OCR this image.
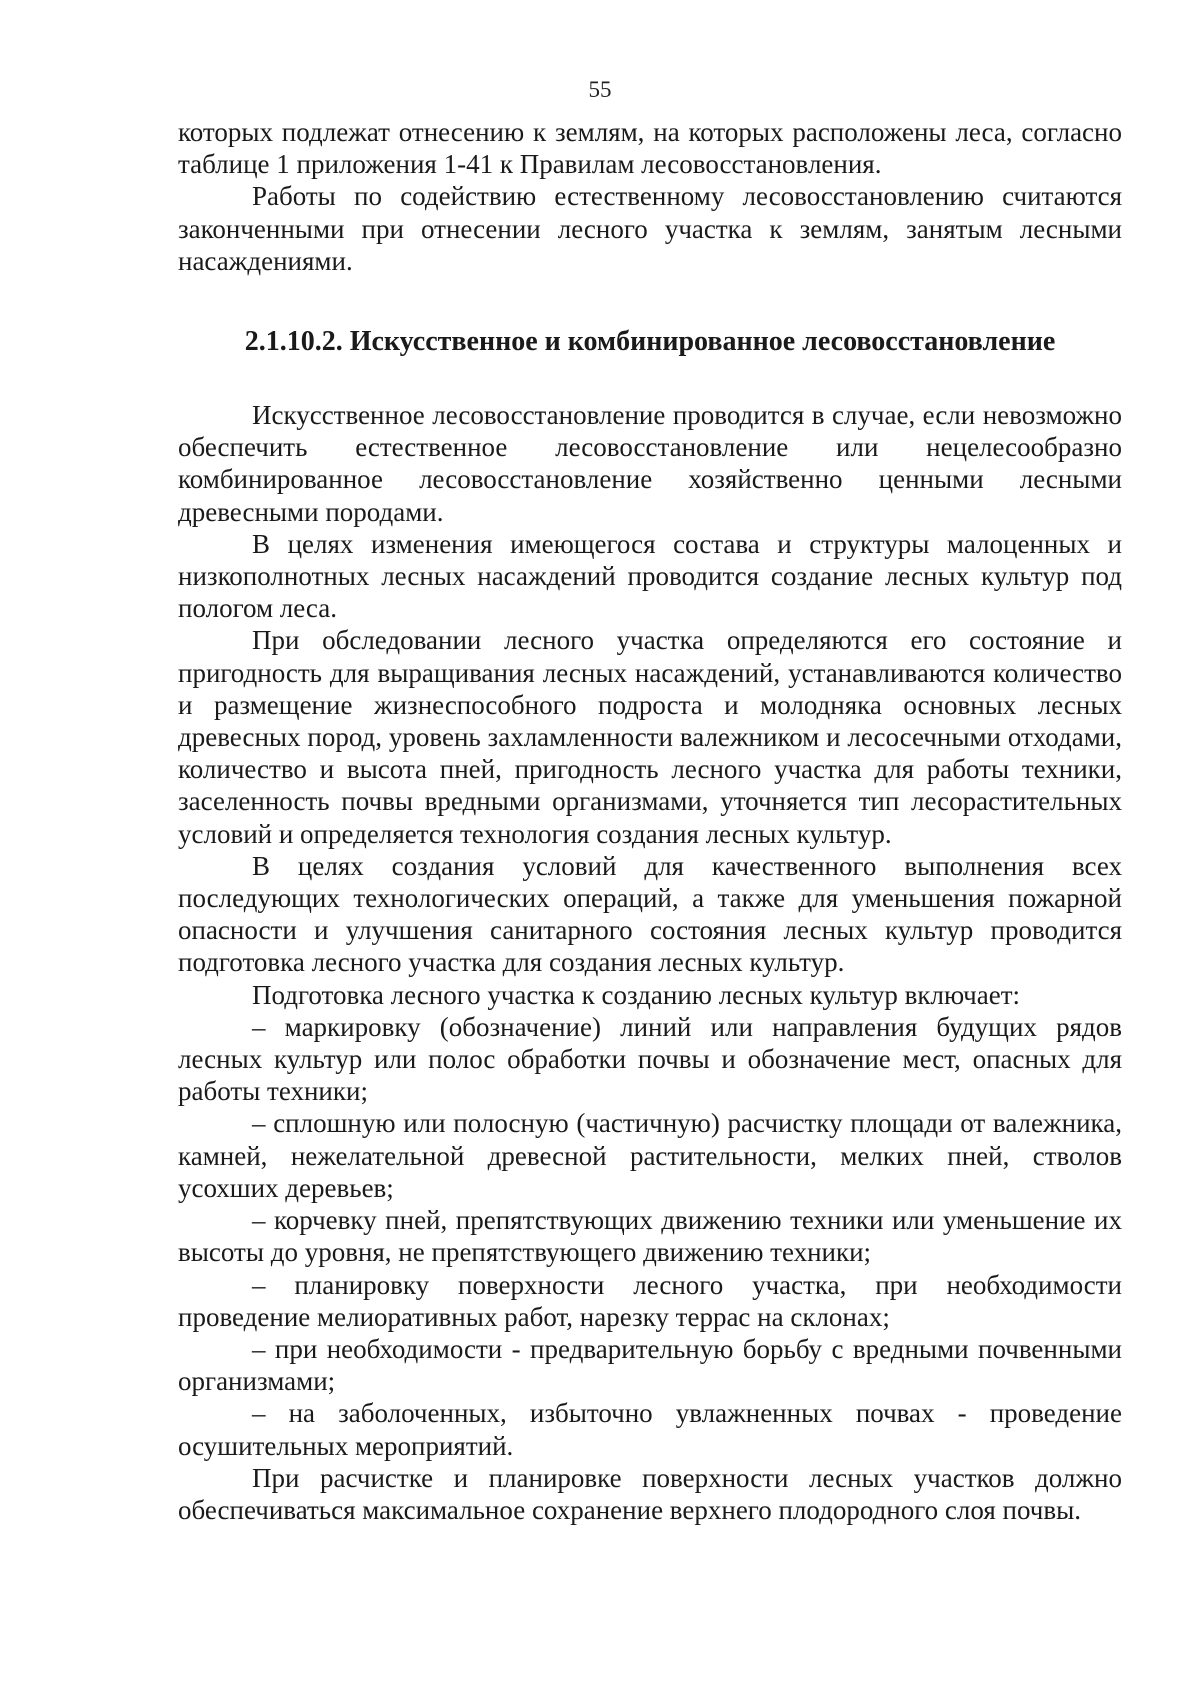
55

которых подлежат отнесению к землям, на которых расположены леса, согласно таблице 1 приложения 1-41 к Правилам лесовосстановления.

Работы по содействию естественному лесовосстановлению считаются законченными при отнесении лесного участка к землям, занятым лесными насаждениями.

2.1.10.2. Искусственное и комбинированное лесовосстановление

Искусственное лесовосстановление проводится в случае, если невозможно обеспечить естественное лесовосстановление или нецелесообразно комбинированное лесовосстановление хозяйственно ценными лесными древесными породами.

В целях изменения имеющегося состава и структуры малоценных и низкополнотных лесных насаждений проводится создание лесных культур под пологом леса.

При обследовании лесного участка определяются его состояние и пригодность для выращивания лесных насаждений, устанавливаются количество и размещение жизнеспособного подроста и молодняка основных лесных древесных пород, уровень захламленности валежником и лесосечными отходами, количество и высота пней, пригодность лесного участка для работы техники, заселенность почвы вредными организмами, уточняется тип лесорастительных условий и определяется технология создания лесных культур.

В целях создания условий для качественного выполнения всех последующих технологических операций, а также для уменьшения пожарной опасности и улучшения санитарного состояния лесных культур проводится подготовка лесного участка для создания лесных культур.

Подготовка лесного участка к созданию лесных культур включает:

– маркировку (обозначение) линий или направления будущих рядов лесных культур или полос обработки почвы и обозначение мест, опасных для работы техники;

– сплошную или полосную (частичную) расчистку площади от валежника, камней, нежелательной древесной растительности, мелких пней, стволов усохших деревьев;

– корчевку пней, препятствующих движению техники или уменьшение их высоты до уровня, не препятствующего движению техники;

– планировку поверхности лесного участка, при необходимости проведение мелиоративных работ, нарезку террас на склонах;

– при необходимости - предварительную борьбу с вредными почвенными организмами;

– на заболоченных, избыточно увлажненных почвах - проведение осушительных мероприятий.

При расчистке и планировке поверхности лесных участков должно обеспечиваться максимальное сохранение верхнего плодородного слоя почвы.
